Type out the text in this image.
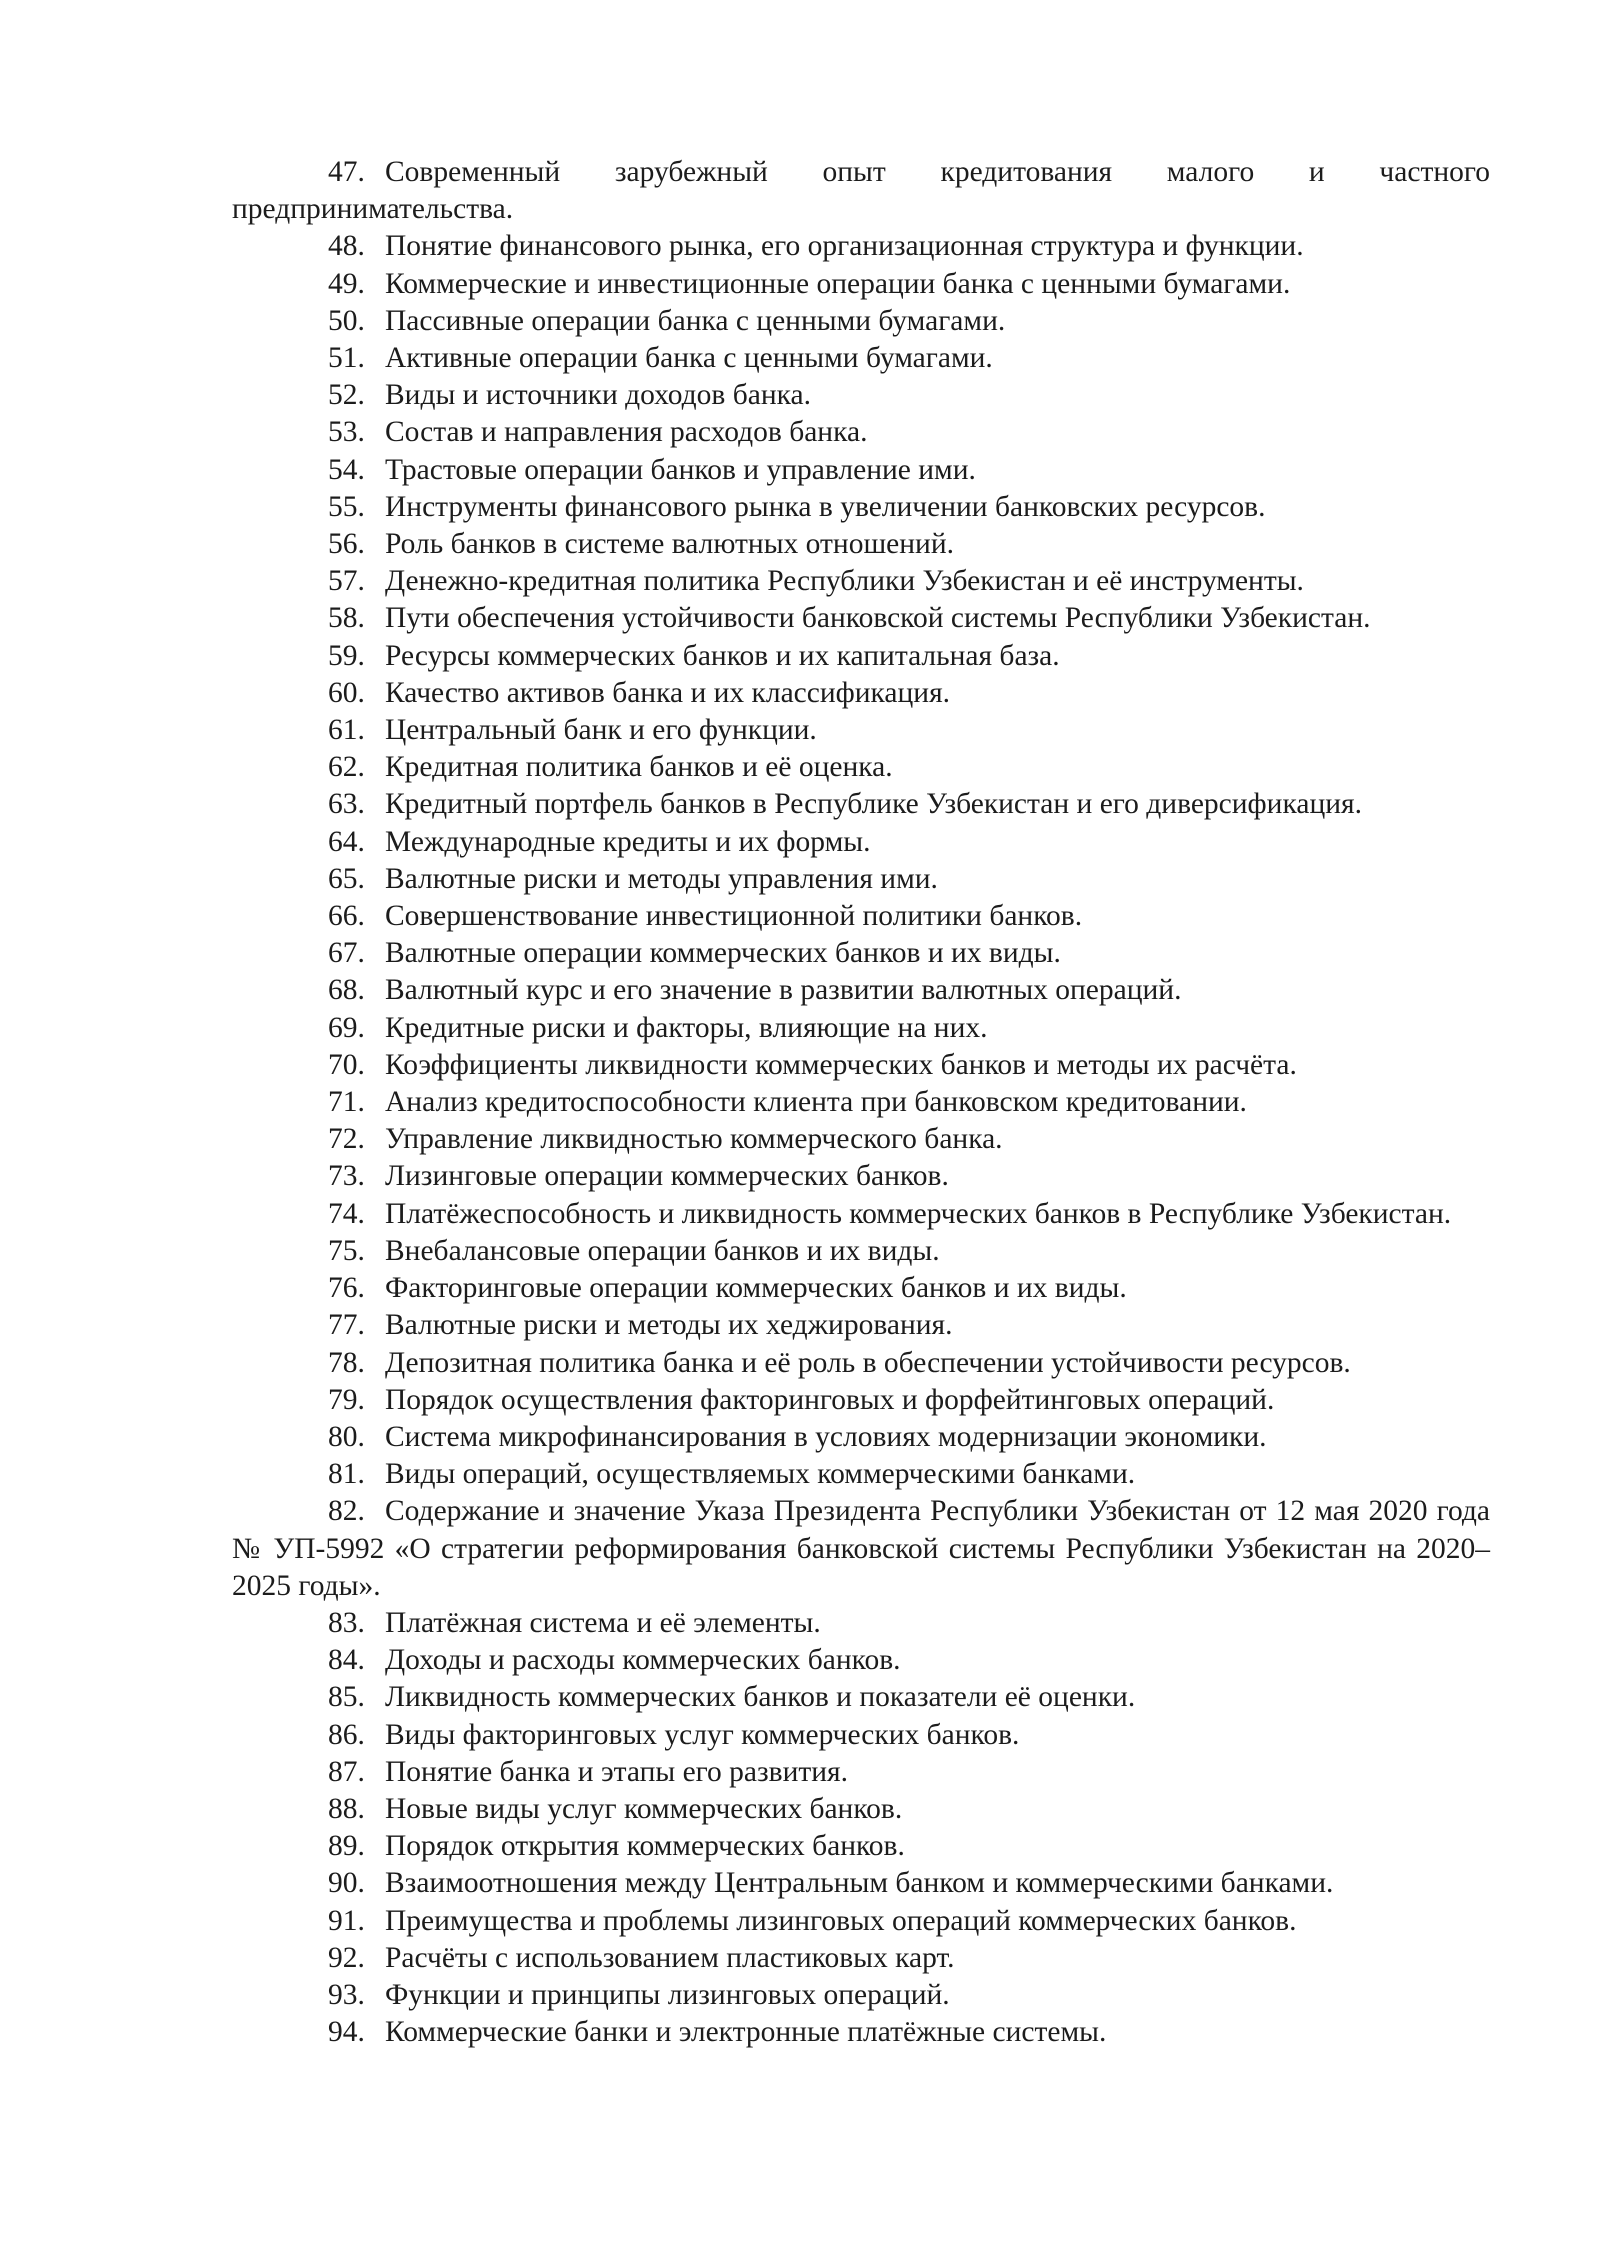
47. Современный зарубежный опыт кредитования малого и частного предпринимательства.
48. Понятие финансового рынка, его организационная структура и функции.
49. Коммерческие и инвестиционные операции банка с ценными бумагами.
50. Пассивные операции банка с ценными бумагами.
51. Активные операции банка с ценными бумагами.
52. Виды и источники доходов банка.
53. Состав и направления расходов банка.
54. Трастовые операции банков и управление ими.
55. Инструменты финансового рынка в увеличении банковских ресурсов.
56. Роль банков в системе валютных отношений.
57. Денежно-кредитная политика Республики Узбекистан и её инструменты.
58. Пути обеспечения устойчивости банковской системы Республики Узбекистан.
59. Ресурсы коммерческих банков и их капитальная база.
60. Качество активов банка и их классификация.
61. Центральный банк и его функции.
62. Кредитная политика банков и её оценка.
63. Кредитный портфель банков в Республике Узбекистан и его диверсификация.
64. Международные кредиты и их формы.
65. Валютные риски и методы управления ими.
66. Совершенствование инвестиционной политики банков.
67. Валютные операции коммерческих банков и их виды.
68. Валютный курс и его значение в развитии валютных операций.
69. Кредитные риски и факторы, влияющие на них.
70. Коэффициенты ликвидности коммерческих банков и методы их расчёта.
71. Анализ кредитоспособности клиента при банковском кредитовании.
72. Управление ликвидностью коммерческого банка.
73. Лизинговые операции коммерческих банков.
74. Платёжеспособность и ликвидность коммерческих банков в Республике Узбекистан.
75. Внебалансовые операции банков и их виды.
76. Факторинговые операции коммерческих банков и их виды.
77. Валютные риски и методы их хеджирования.
78. Депозитная политика банка и её роль в обеспечении устойчивости ресурсов.
79. Порядок осуществления факторинговых и форфейтинговых операций.
80. Система микрофинансирования в условиях модернизации экономики.
81. Виды операций, осуществляемых коммерческими банками.
82. Содержание и значение Указа Президента Республики Узбекистан от 12 мая 2020 года № УП-5992 «О стратегии реформирования банковской системы Республики Узбекистан на 2020–2025 годы».
83. Платёжная система и её элементы.
84. Доходы и расходы коммерческих банков.
85. Ликвидность коммерческих банков и показатели её оценки.
86. Виды факторинговых услуг коммерческих банков.
87. Понятие банка и этапы его развития.
88. Новые виды услуг коммерческих банков.
89. Порядок открытия коммерческих банков.
90. Взаимоотношения между Центральным банком и коммерческими банками.
91. Преимущества и проблемы лизинговых операций коммерческих банков.
92. Расчёты с использованием пластиковых карт.
93. Функции и принципы лизинговых операций.
94. Коммерческие банки и электронные платёжные системы.
